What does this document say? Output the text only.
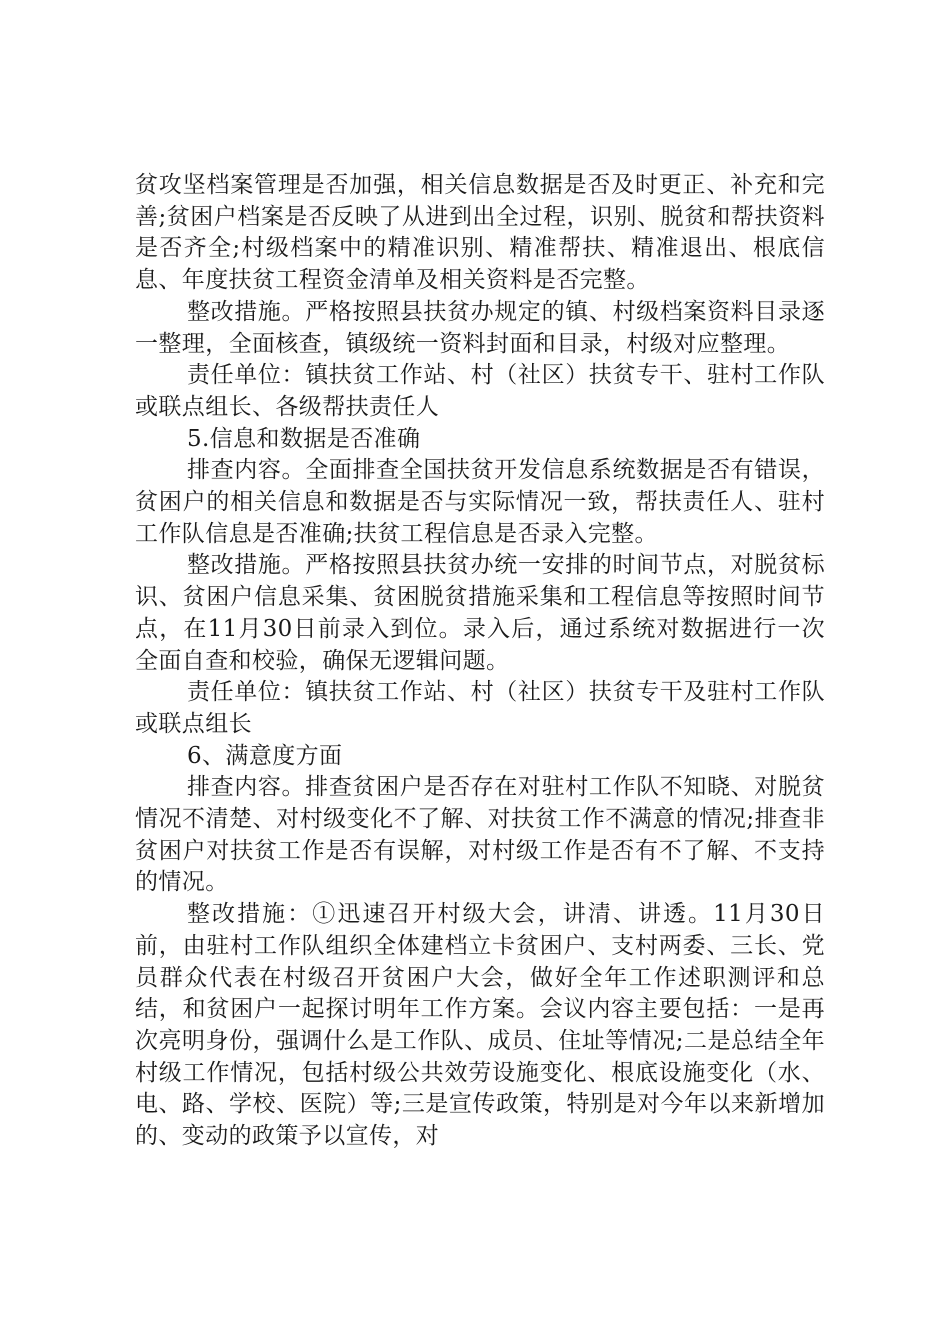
贫攻坚档案管理是否加强，相关信息数据是否及时更正、补充和完善;贫困户档案是否反映了从进到出全过程，识别、脱贫和帮扶资料是否齐全;村级档案中的精准识别、精准帮扶、精准退出、根底信息、年度扶贫工程资金清单及相关资料是否完整。

整改措施。严格按照县扶贫办规定的镇、村级档案资料目录逐一整理，全面核查，镇级统一资料封面和目录，村级对应整理。

责任单位：镇扶贫工作站、村（社区）扶贫专干、驻村工作队或联点组长、各级帮扶责任人

5.信息和数据是否准确

排查内容。全面排查全国扶贫开发信息系统数据是否有错误，贫困户的相关信息和数据是否与实际情况一致，帮扶责任人、驻村工作队信息是否准确;扶贫工程信息是否录入完整。

整改措施。严格按照县扶贫办统一安排的时间节点，对脱贫标识、贫困户信息采集、贫困脱贫措施采集和工程信息等按照时间节点，在11月30日前录入到位。录入后，通过系统对数据进行一次全面自查和校验，确保无逻辑问题。

责任单位：镇扶贫工作站、村（社区）扶贫专干及驻村工作队或联点组长

6、满意度方面

排查内容。排查贫困户是否存在对驻村工作队不知晓、对脱贫情况不清楚、对村级变化不了解、对扶贫工作不满意的情况;排查非贫困户对扶贫工作是否有误解，对村级工作是否有不了解、不支持的情况。

整改措施：①迅速召开村级大会，讲清、讲透。11月30日前，由驻村工作队组织全体建档立卡贫困户、支村两委、三长、党员群众代表在村级召开贫困户大会，做好全年工作述职测评和总结，和贫困户一起探讨明年工作方案。会议内容主要包括：一是再次亮明身份，强调什么是工作队、成员、住址等情况;二是总结全年村级工作情况，包括村级公共效劳设施变化、根底设施变化（水、电、路、学校、医院）等;三是宣传政策，特别是对今年以来新增加的、变动的政策予以宣传，对
